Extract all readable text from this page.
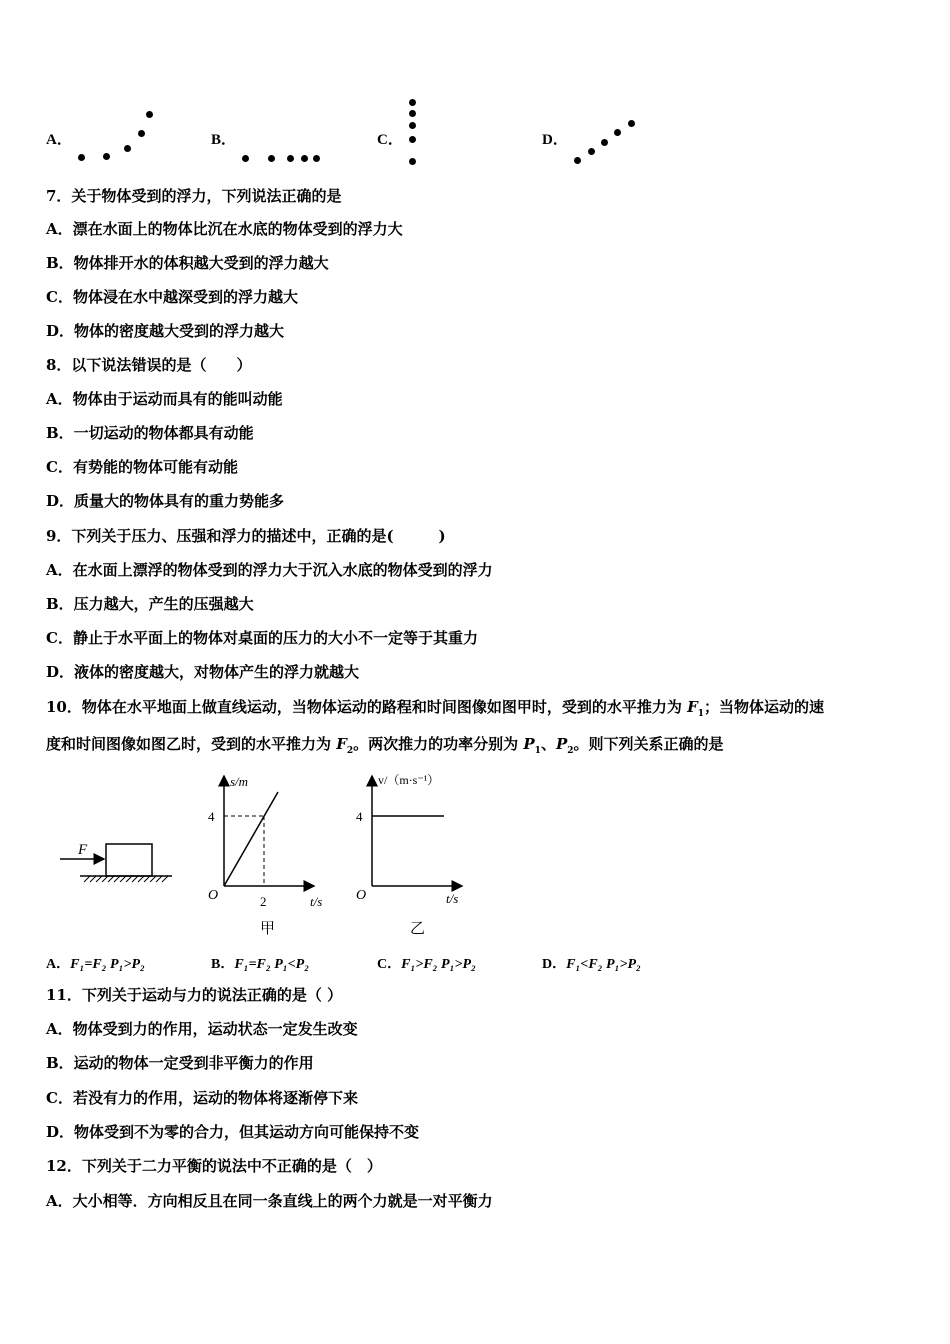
A．	B．	C．	D．
7．关于物体受到的浮力，下列说法正确的是
A．漂在水面上的物体比沉在水底的物体受到的浮力大
B．物体排开水的体积越大受到的浮力越大
C．物体浸在水中越深受到的浮力越大
D．物体的密度越大受到的浮力越大
8．以下说法错误的是（　　）
A．物体由于运动而具有的能叫动能
B．一切运动的物体都具有动能
C．有势能的物体可能有动能
D．质量大的物体具有的重力势能多
9．下列关于压力、压强和浮力的描述中，正确的是(　　　)
A．在水面上漂浮的物体受到的浮力大于沉入水底的物体受到的浮力
B．压力越大，产生的压强越大
C．静止于水平面上的物体对桌面的压力的大小不一定等于其重力
D．液体的密度越大，对物体产生的浮力就越大
10．物体在水平地面上做直线运动，当物体运动的路程和时间图像如图甲时，受到的水平推力为 $F_1$；当物体运动的速
度和时间图像如图乙时，受到的水平推力为 $F_2$。两次推力的功率分别为 $P_1$、$P_2$。则下列关系正确的是
F
s/m
t/s
O
4
2
甲
v/（m·s⁻¹）
t/s
O
4
乙
A．F₁=F₂ P₁>P₂	B．F₁=F₂ P₁<P₂	C．F₁>F₂ P₁>P₂	D．F₁<F₂ P₁>P₂
11．下列关于运动与力的说法正确的是（ ）
A．物体受到力的作用，运动状态一定发生改变
B．运动的物体一定受到非平衡力的作用
C．若没有力的作用，运动的物体将逐渐停下来
D．物体受到不为零的合力，但其运动方向可能保持不变
12．下列关于二力平衡的说法中不正确的是（　）
A．大小相等．方向相反且在同一条直线上的两个力就是一对平衡力
